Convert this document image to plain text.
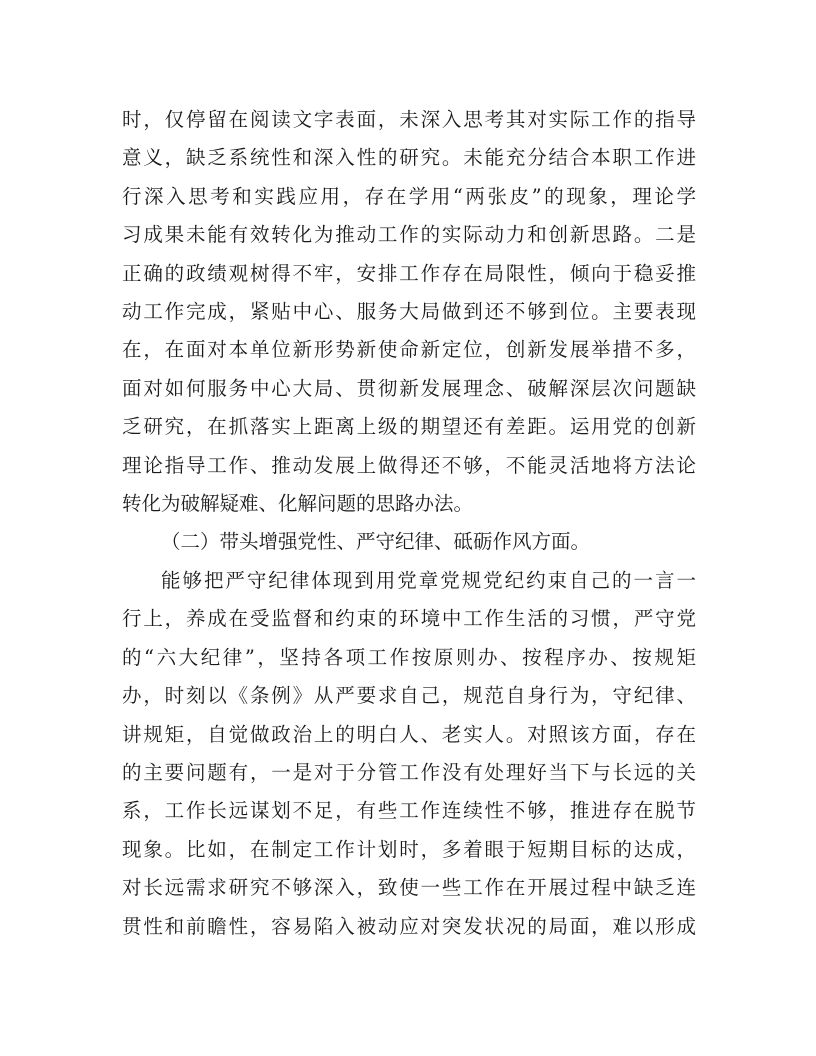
时，仅停留在阅读文字表面，未深入思考其对实际工作的指导
意义，缺乏系统性和深入性的研究。未能充分结合本职工作进
行深入思考和实践应用，存在学用“两张皮”的现象，理论学
习成果未能有效转化为推动工作的实际动力和创新思路。二是
正确的政绩观树得不牢，安排工作存在局限性，倾向于稳妥推
动工作完成，紧贴中心、服务大局做到还不够到位。主要表现
在，在面对本单位新形势新使命新定位，创新发展举措不多，
面对如何服务中心大局、贯彻新发展理念、破解深层次问题缺
乏研究，在抓落实上距离上级的期望还有差距。运用党的创新
理论指导工作、推动发展上做得还不够，不能灵活地将方法论
转化为破解疑难、化解问题的思路办法。
（二）带头增强党性、严守纪律、砥砺作风方面。
能够把严守纪律体现到用党章党规党纪约束自己的一言一
行上，养成在受监督和约束的环境中工作生活的习惯，严守党
的“六大纪律”，坚持各项工作按原则办、按程序办、按规矩
办，时刻以《条例》从严要求自己，规范自身行为，守纪律、
讲规矩，自觉做政治上的明白人、老实人。对照该方面，存在
的主要问题有，一是对于分管工作没有处理好当下与长远的关
系，工作长远谋划不足，有些工作连续性不够，推进存在脱节
现象。比如，在制定工作计划时，多着眼于短期目标的达成，
对长远需求研究不够深入，致使一些工作在开展过程中缺乏连
贯性和前瞻性，容易陷入被动应对突发状况的局面，难以形成
